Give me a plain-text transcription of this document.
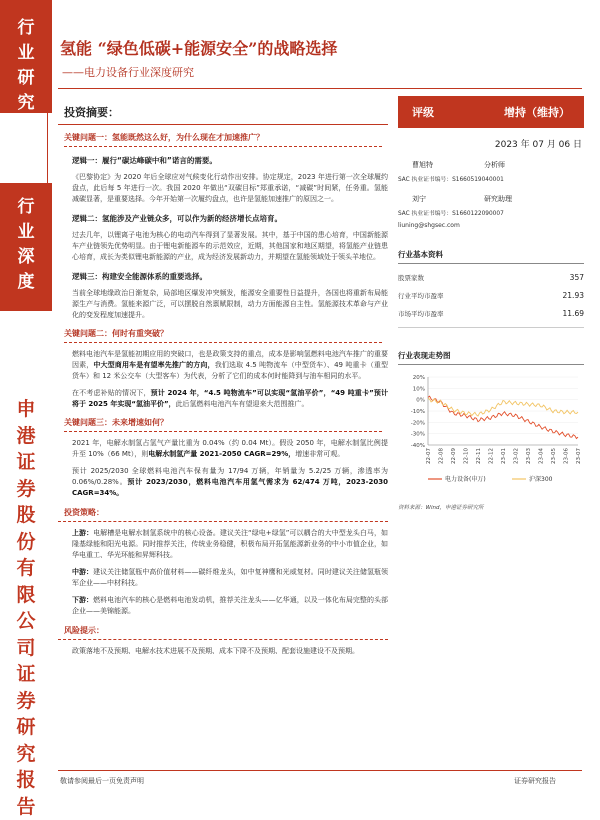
行
业
研
究
行
业
深
度
申
港
证
券
股
份
有
限
公
司
证
券
研
究
报
告
氢能 “绿色低碳+能源安全”的战略选择
——电力设备行业深度研究
投资摘要：
关键问题一：氢能既然这么好，为什么现在才加速推广？
逻辑一：履行“碳达峰碳中和”诺言的需要。
《巴黎协定》为 2020 年后全球应对气候变化行动作出安排。协定规定，2023 年进行第一次全球履约盘点，此后每 5 年进行一次。我国 2020 年做出“双碳目标”郑重承诺，“减碳”时间紧，任务重。氢能减碳显著，是重要选择。今年开始第一次履约盘点，也许是氢能加速推广的原因之一。
逻辑二：氢能涉及产业链众多，可以作为新的经济增长点培育。
过去几年，以锂离子电池为核心的电动汽车得到了显著发展。其中，基于中国的患心培育，中国新能源车产业链领先优势明显。由于锂电新能源车的示范效应，近期，其他国家和地区期望，将氢能产业链患心培育，成长为类似锂电新能源的产业，成为经济发展新动力，并期望在氢能领域处于领头羊地位。
逻辑三：构建安全能源体系的重要选择。
当前全球地缘政治日渐复杂，局部地区爆发冲突频发，能源安全重要性日益提升，各国也将重新布局能源生产与消费。氢能来源广泛，可以摆脱自然禀赋限制，动力方面能源自主性。氢能源技术革命与产业化的变发程度加速提升。
关键问题二：何时有重突破？
燃料电池汽车是氢能初期应用的突破口，也是政策支持的重点，成本是影响氢燃料电池汽车推广的重要因素，中大型商用车是有望率先推广的方向，我们选取 4.5 吨物流车（中型货车）、49 吨重卡（重型货车）和 12 米公交车（大型客车）为代表，分析了它们的成本何时能降到与油车相同的水平。
在不考虑补贴的情况下，预计 2024 年，“4.5 吨物流车”可以实现“氢油平价”，“49 吨重卡”预计将于 2025 年实现“氢油平价”，此后氢燃料电池汽车有望迎来大范围推广。
关键问题三：未来增速如何？
2021 年，电解水制氢占氢气产量比重为 0.04%（约 0.04 Mt）。假设 2050 年，电解水制氢比例提升至 10%（66 Mt），则电解水制氢产量 2021-2050 CAGR=29%，增速非常可观。
预计 2025/2030 全球燃料电池汽车保有量为 17/94 万辆，年销量为 5.2/25 万辆，渗透率为 0.06%/0.28%。预计 2023/2030，燃料电池汽车用氢气需求为 62/474 万吨，2023-2030 CAGR=34%。
投资策略：
上游：电解槽是电解水制氢系统中的核心设备。建议关注“绿电+绿氢”可以耦合的大中型龙头白马，如隆基绿能和阳光电源。同时推荐关注，传统业务稳健，积极布局开拓氢能源新业务的中小市值企业，如华电重工、华光环能和昇辉科技。
中游：建议关注储氢瓶中高价值材料——碳纤维龙头，如中复神鹰和光威复材。同时建议关注储氢瓶领军企业——中材科技。
下游：燃料电池汽车的核心是燃料电池发动机，推荐关注龙头——亿华通，以及一体化布局完整的头部企业——美锦能源。
风险提示：
政策落地不及预期、电解水技术进展不及预期、成本下降不及预期、配套设施建设不及预期。
评级	增持（维持）
2023 年 07 月 06 日
曹旭特	分析师
SAC 执业证书编号： S1660519040001
刘宁	研究助理
SAC 执业证书编号： S1660122090007
liuning@shgsec.com
行业基本资料
股票家数	357
行业平均市盈率	21.93
市场平均市盈率	11.69
行业表现走势图
20%
10%
0%
-10%
-20%
-30%
-40%
22-07 22-08 22-09 22-10 22-11 22-12 23-01 23-02 23-03 23-04 23-05 23-06 23-07
电力设备(申万)	沪深300
资料来源：Wind，申港证券研究所
敬请参阅最后一页免责声明	证券研究报告
